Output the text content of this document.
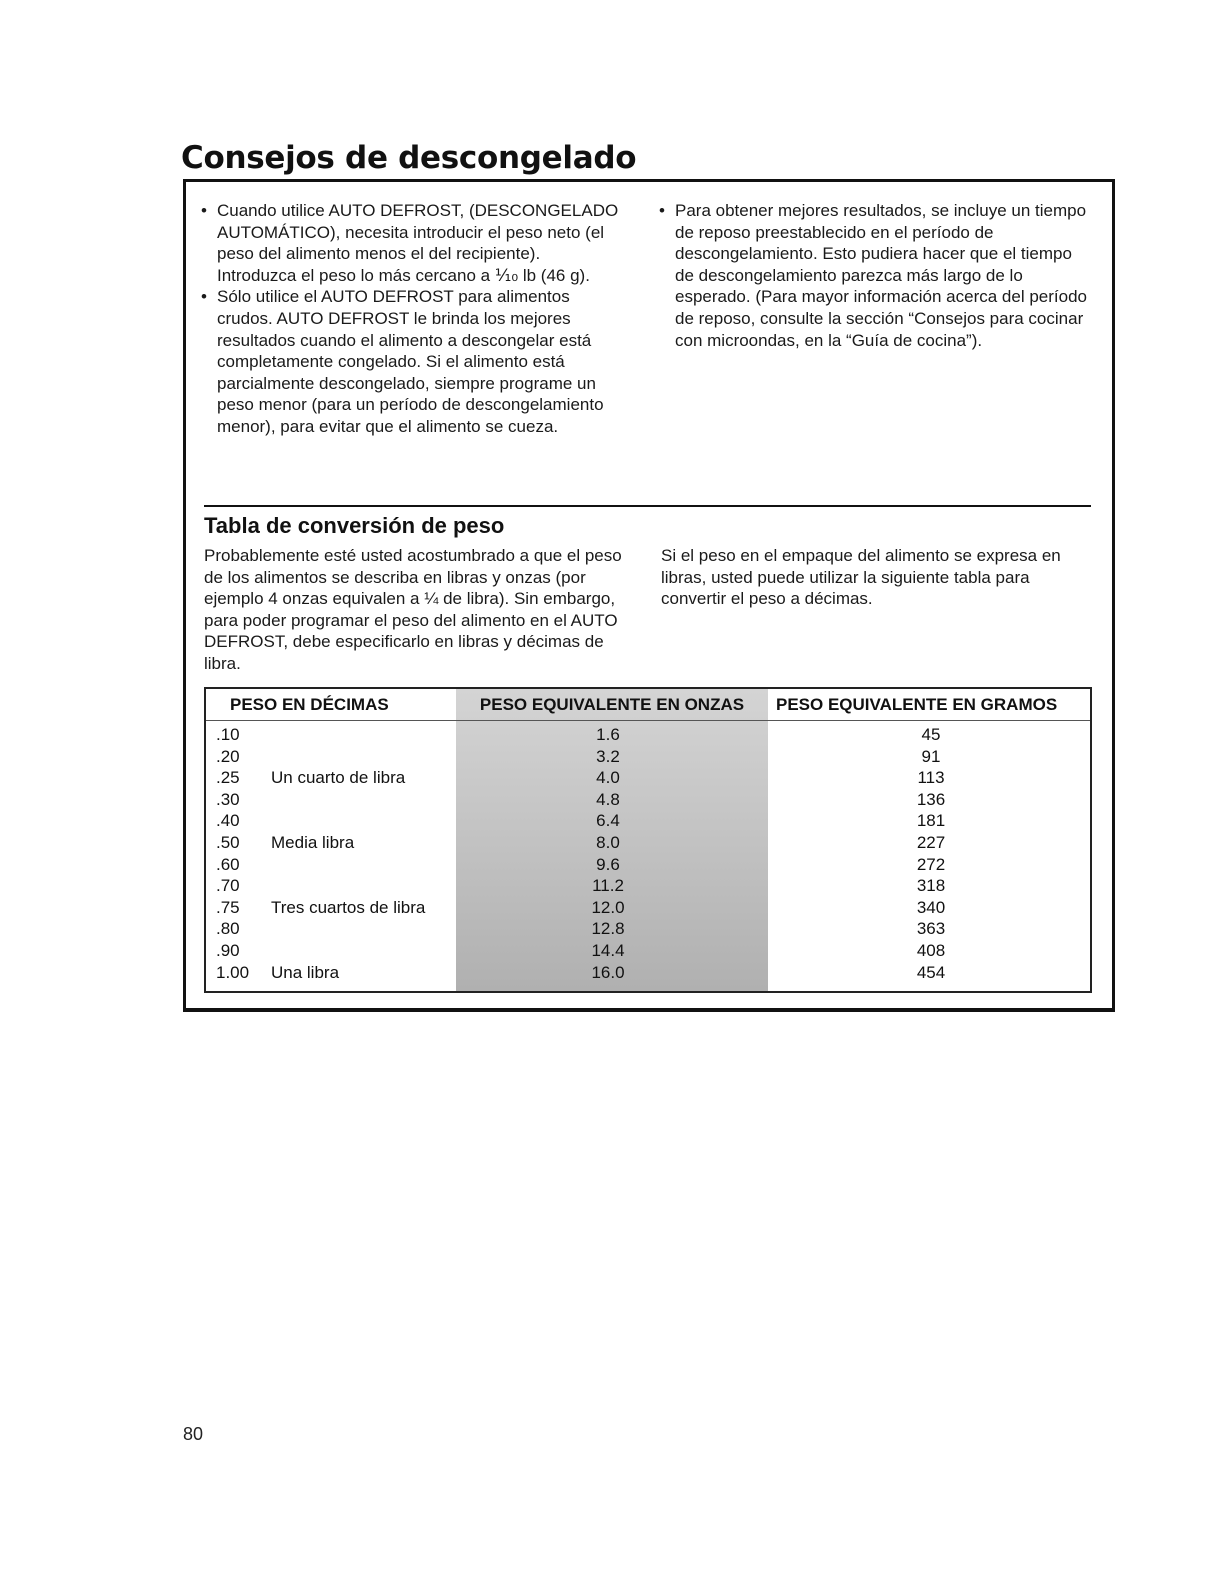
Consejos de descongelado
• Cuando utilice AUTO DEFROST, (DESCONGELADO AUTOMÁTICO), necesita introducir el peso neto (el peso del alimento menos el del recipiente). Introduzca el peso lo más cercano a ⅒ lb (46 g).
• Sólo utilice el AUTO DEFROST para alimentos crudos. AUTO DEFROST le brinda los mejores resultados cuando el alimento a descongelar está completamente congelado. Si el alimento está parcialmente descongelado, siempre programe un peso menor (para un período de descongelamiento menor), para evitar que el alimento se cueza.
• Para obtener mejores resultados, se incluye un tiempo de reposo preestablecido en el período de descongelamiento. Esto pudiera hacer que el tiempo de descongelamiento parezca más largo de lo esperado. (Para mayor información acerca del período de reposo, consulte la sección “Consejos para cocinar con microondas, en la “Guía de cocina”).
Tabla de conversión de peso

Probablemente esté usted acostumbrado a que el peso de los alimentos se describa en libras y onzas (por ejemplo 4 onzas equivalen a ¼ de libra). Sin embargo, para poder programar el peso del alimento en el AUTO DEFROST, debe especificarlo en libras y décimas de libra.

Si el peso en el empaque del alimento se expresa en libras, usted puede utilizar la siguiente tabla para convertir el peso a décimas.

PESO EN DÉCIMAS	PESO EQUIVALENTE EN ONZAS	PESO EQUIVALENTE EN GRAMOS
.10	1.6	45
.20	3.2	91
.25 Un cuarto de libra	4.0	113
.30	4.8	136
.40	6.4	181
.50 Media libra	8.0	227
.60	9.6	272
.70	11.2	318
.75 Tres cuartos de libra	12.0	340
.80	12.8	363
.90	14.4	408
1.00 Una libra	16.0	454
80
